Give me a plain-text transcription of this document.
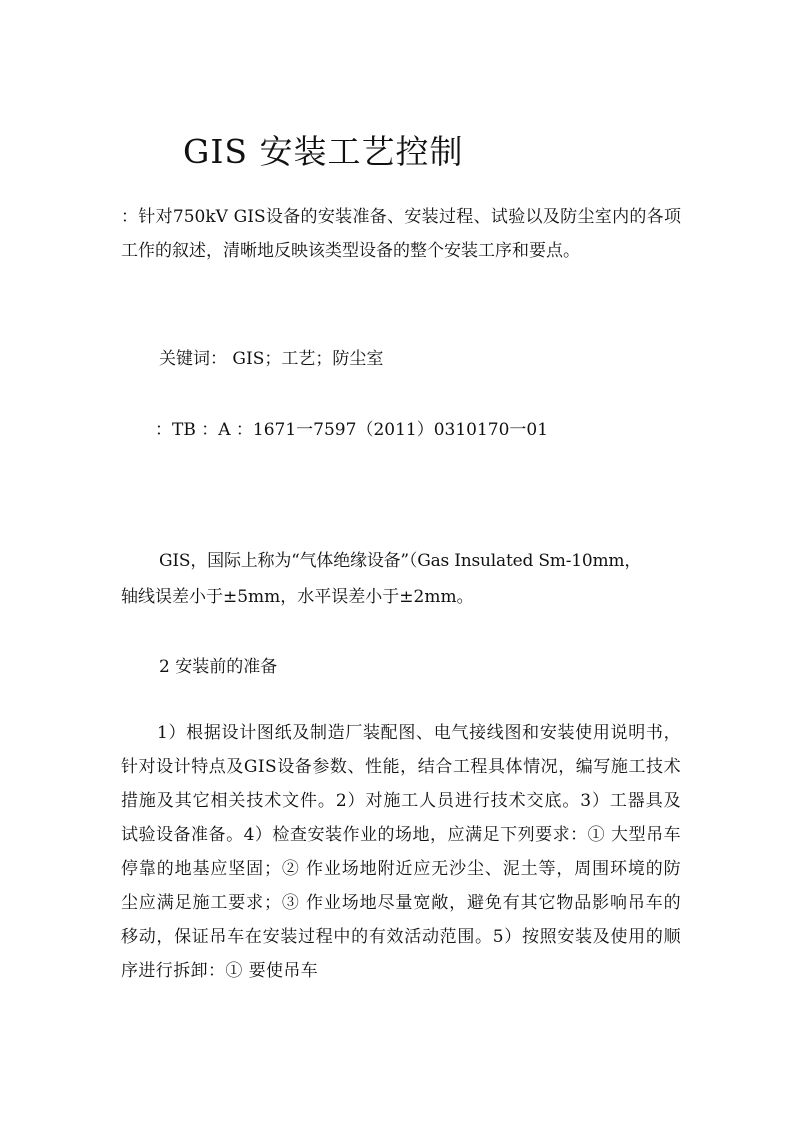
GIS 安装工艺控制

：针对750kV GIS设备的安装准备、安装过程、试验以及防尘室内的各项工作的叙述，清晰地反映该类型设备的整个安装工序和要点。

关键词： GIS；工艺；防尘室

：TB ：A ：1671一7597（2011）0310170一01

GIS，国际上称为“气体绝缘设备”（Gas Insulated Sm-10mm，

轴线误差小于±5mm，水平误差小于±2mm。

2 安装前的准备

1）根据设计图纸及制造厂装配图、电气接线图和安装使用说明书，针对设计特点及GIS设备参数、性能，结合工程具体情况，编写施工技术措施及其它相关技术文件。2）对施工人员进行技术交底。3）工器具及试验设备准备。4）检查安装作业的场地，应满足下列要求：① 大型吊车停靠的地基应坚固；② 作业场地附近应无沙尘、泥土等，周围环境的防尘应满足施工要求；③ 作业场地尽量宽敞，避免有其它物品影响吊车的移动，保证吊车在安装过程中的有效活动范围。5）按照安装及使用的顺序进行拆卸：① 要使吊车
